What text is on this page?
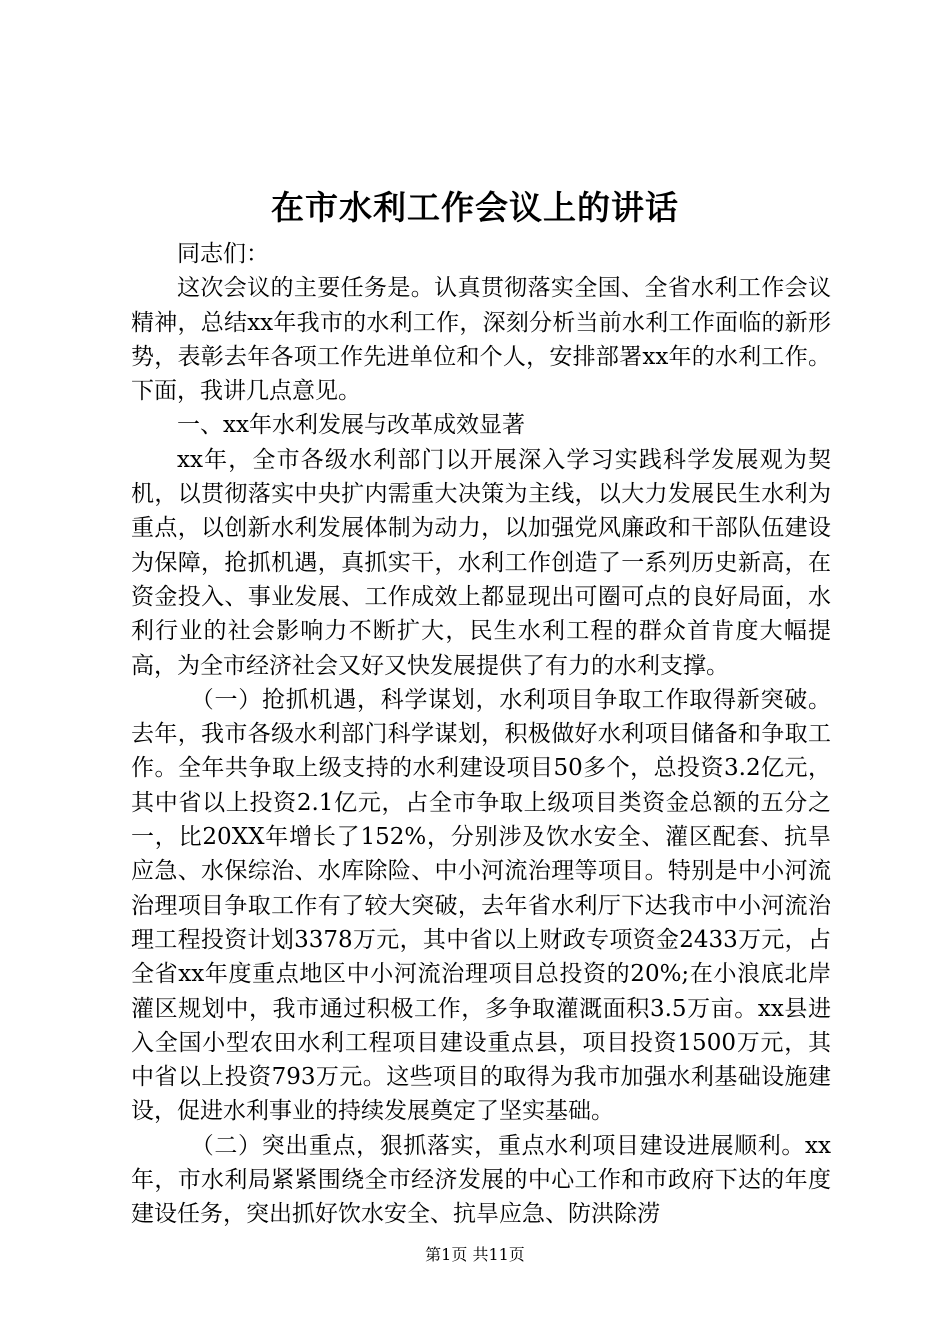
在市水利工作会议上的讲话

同志们：

这次会议的主要任务是。认真贯彻落实全国、全省水利工作会议精神，总结xx年我市的水利工作，深刻分析当前水利工作面临的新形势，表彰去年各项工作先进单位和个人，安排部署xx年的水利工作。下面，我讲几点意见。

一、xx年水利发展与改革成效显著

xx年，全市各级水利部门以开展深入学习实践科学发展观为契机，以贯彻落实中央扩内需重大决策为主线，以大力发展民生水利为重点，以创新水利发展体制为动力，以加强党风廉政和干部队伍建设为保障，抢抓机遇，真抓实干，水利工作创造了一系列历史新高，在资金投入、事业发展、工作成效上都显现出可圈可点的良好局面，水利行业的社会影响力不断扩大，民生水利工程的群众首肯度大幅提高，为全市经济社会又好又快发展提供了有力的水利支撑。

（一）抢抓机遇，科学谋划，水利项目争取工作取得新突破。去年，我市各级水利部门科学谋划，积极做好水利项目储备和争取工作。全年共争取上级支持的水利建设项目50多个，总投资3.2亿元，其中省以上投资2.1亿元，占全市争取上级项目类资金总额的五分之一，比20XX年增长了152%，分别涉及饮水安全、灌区配套、抗旱应急、水保综治、水库除险、中小河流治理等项目。特别是中小河流治理项目争取工作有了较大突破，去年省水利厅下达我市中小河流治理工程投资计划3378万元，其中省以上财政专项资金2433万元，占全省xx年度重点地区中小河流治理项目总投资的20%;在小浪底北岸灌区规划中，我市通过积极工作，多争取灌溉面积3.5万亩。xx县进入全国小型农田水利工程项目建设重点县，项目投资1500万元，其中省以上投资793万元。这些项目的取得为我市加强水利基础设施建设，促进水利事业的持续发展奠定了坚实基础。

（二）突出重点，狠抓落实，重点水利项目建设进展顺利。xx年，市水利局紧紧围绕全市经济发展的中心工作和市政府下达的年度建设任务，突出抓好饮水安全、抗旱应急、防洪除涝

第1页 共11页
